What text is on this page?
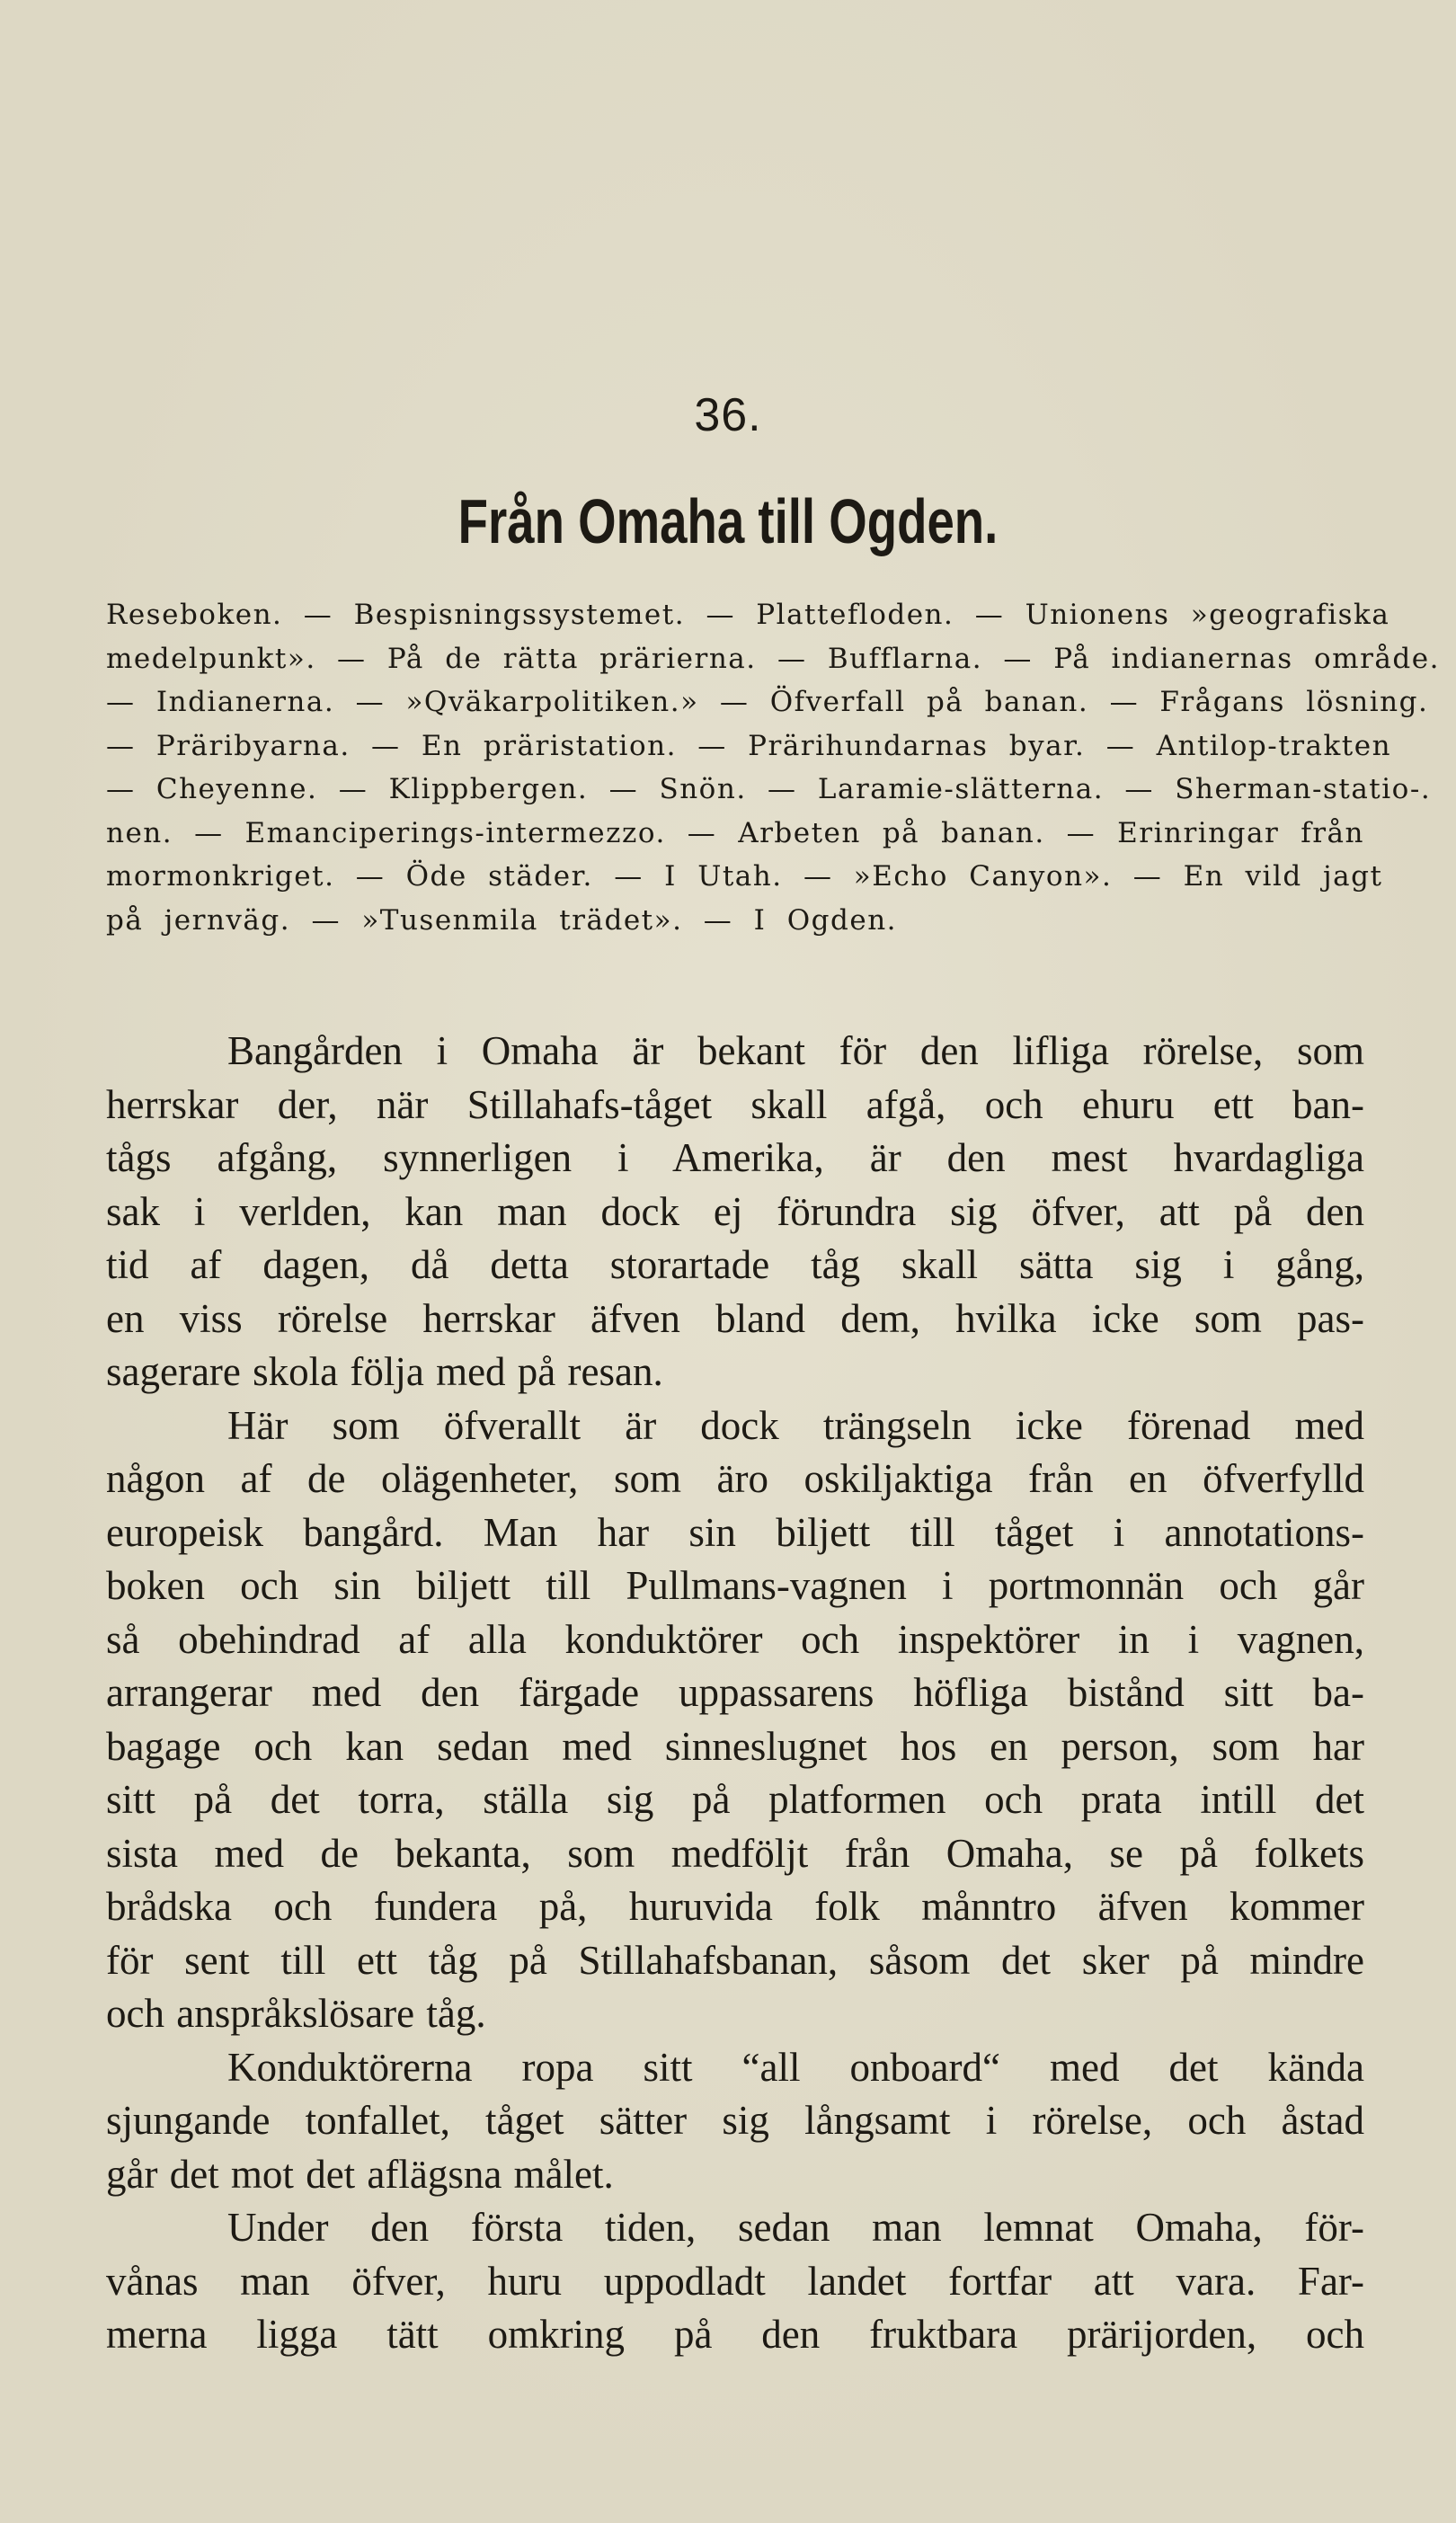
36.
Från Omaha till Ogden.
Reseboken. — Bespisningssystemet. — Plattefloden. — Unionens »geografiska
medelpunkt». — På de rätta prärierna. — Bufflarna. — På indianernas område.
— Indianerna. — »Qväkarpolitiken.» — Öfverfall på banan. — Frågans lösning.
— Präribyarna. — En präristation. — Prärihundarnas byar. — Antilop-trakten
— Cheyenne. — Klippbergen. — Snön. — Laramie-slätterna. — Sherman-statio-.
nen. — Emanciperings-intermezzo. — Arbeten på banan. — Erinringar från
mormonkriget. — Öde städer. — I Utah. — »Echo Canyon». — En vild jagt
på jernväg. — »Tusenmila trädet». — I Ogden.
Bangården i Omaha är bekant för den lifliga rörelse, som
herrskar der, när Stillahafs-tåget skall afgå, och ehuru ett ban-
tågs afgång, synnerligen i Amerika, är den mest hvardagliga
sak i verlden, kan man dock ej förundra sig öfver, att på den
tid af dagen, då detta storartade tåg skall sätta sig i gång,
en viss rörelse herrskar äfven bland dem, hvilka icke som pas-
sagerare skola följa med på resan.
Här som öfverallt är dock trängseln icke förenad med
någon af de olägenheter, som äro oskiljaktiga från en öfverfylld
europeisk bangård. Man har sin biljett till tåget i annotations-
boken och sin biljett till Pullmans-vagnen i portmonnän och går
så obehindrad af alla konduktörer och inspektörer in i vagnen,
arrangerar med den färgade uppassarens höfliga bistånd sitt ba-
bagage och kan sedan med sinneslugnet hos en person, som har
sitt på det torra, ställa sig på platformen och prata intill det
sista med de bekanta, som medföljt från Omaha, se på folkets
brådska och fundera på, huruvida folk månntro äfven kommer
för sent till ett tåg på Stillahafsbanan, såsom det sker på mindre
och anspråkslösare tåg.
Konduktörerna ropa sitt “all onboard“ med det kända
sjungande tonfallet, tåget sätter sig långsamt i rörelse, och åstad
går det mot det aflägsna målet.
Under den första tiden, sedan man lemnat Omaha, för-
vånas man öfver, huru uppodladt landet fortfar att vara. Far-
merna ligga tätt omkring på den fruktbara prärijorden, och
